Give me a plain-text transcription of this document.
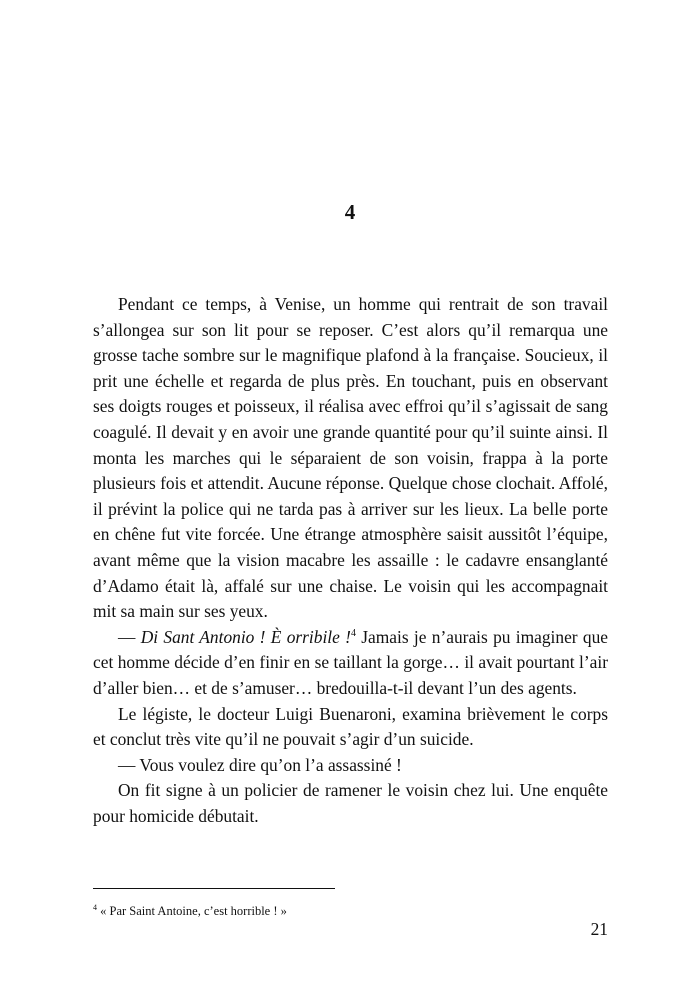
4

Pendant ce temps, à Venise, un homme qui rentrait de son travail s’allongea sur son lit pour se reposer. C’est alors qu’il remarqua une grosse tache sombre sur le magnifique plafond à la française. Soucieux, il prit une échelle et regarda de plus près. En touchant, puis en observant ses doigts rouges et poisseux, il réalisa avec effroi qu’il s’agissait de sang coagulé. Il devait y en avoir une grande quantité pour qu’il suinte ainsi. Il monta les marches qui le séparaient de son voisin, frappa à la porte plusieurs fois et attendit. Aucune réponse. Quelque chose clochait. Affolé, il prévint la police qui ne tarda pas à arriver sur les lieux. La belle porte en chêne fut vite forcée. Une étrange atmosphère saisit aussitôt l’équipe, avant même que la vision macabre les assaille : le cadavre ensanglanté d’Adamo était là, affalé sur une chaise. Le voisin qui les accompagnait mit sa main sur ses yeux.

— Di Sant Antonio ! È orribile !$^4$ Jamais je n’aurais pu imaginer que cet homme décide d’en finir en se taillant la gorge… il avait pourtant l’air d’aller bien… et de s’amuser… bredouilla-t-il devant l’un des agents.

Le légiste, le docteur Luigi Buenaroni, examina brièvement le corps et conclut très vite qu’il ne pouvait s’agir d’un suicide.

— Vous voulez dire qu’on l’a assassiné !

On fit signe à un policier de ramener le voisin chez lui. Une enquête pour homicide débutait.

$^4$ « Par Saint Antoine, c’est horrible ! »
21
